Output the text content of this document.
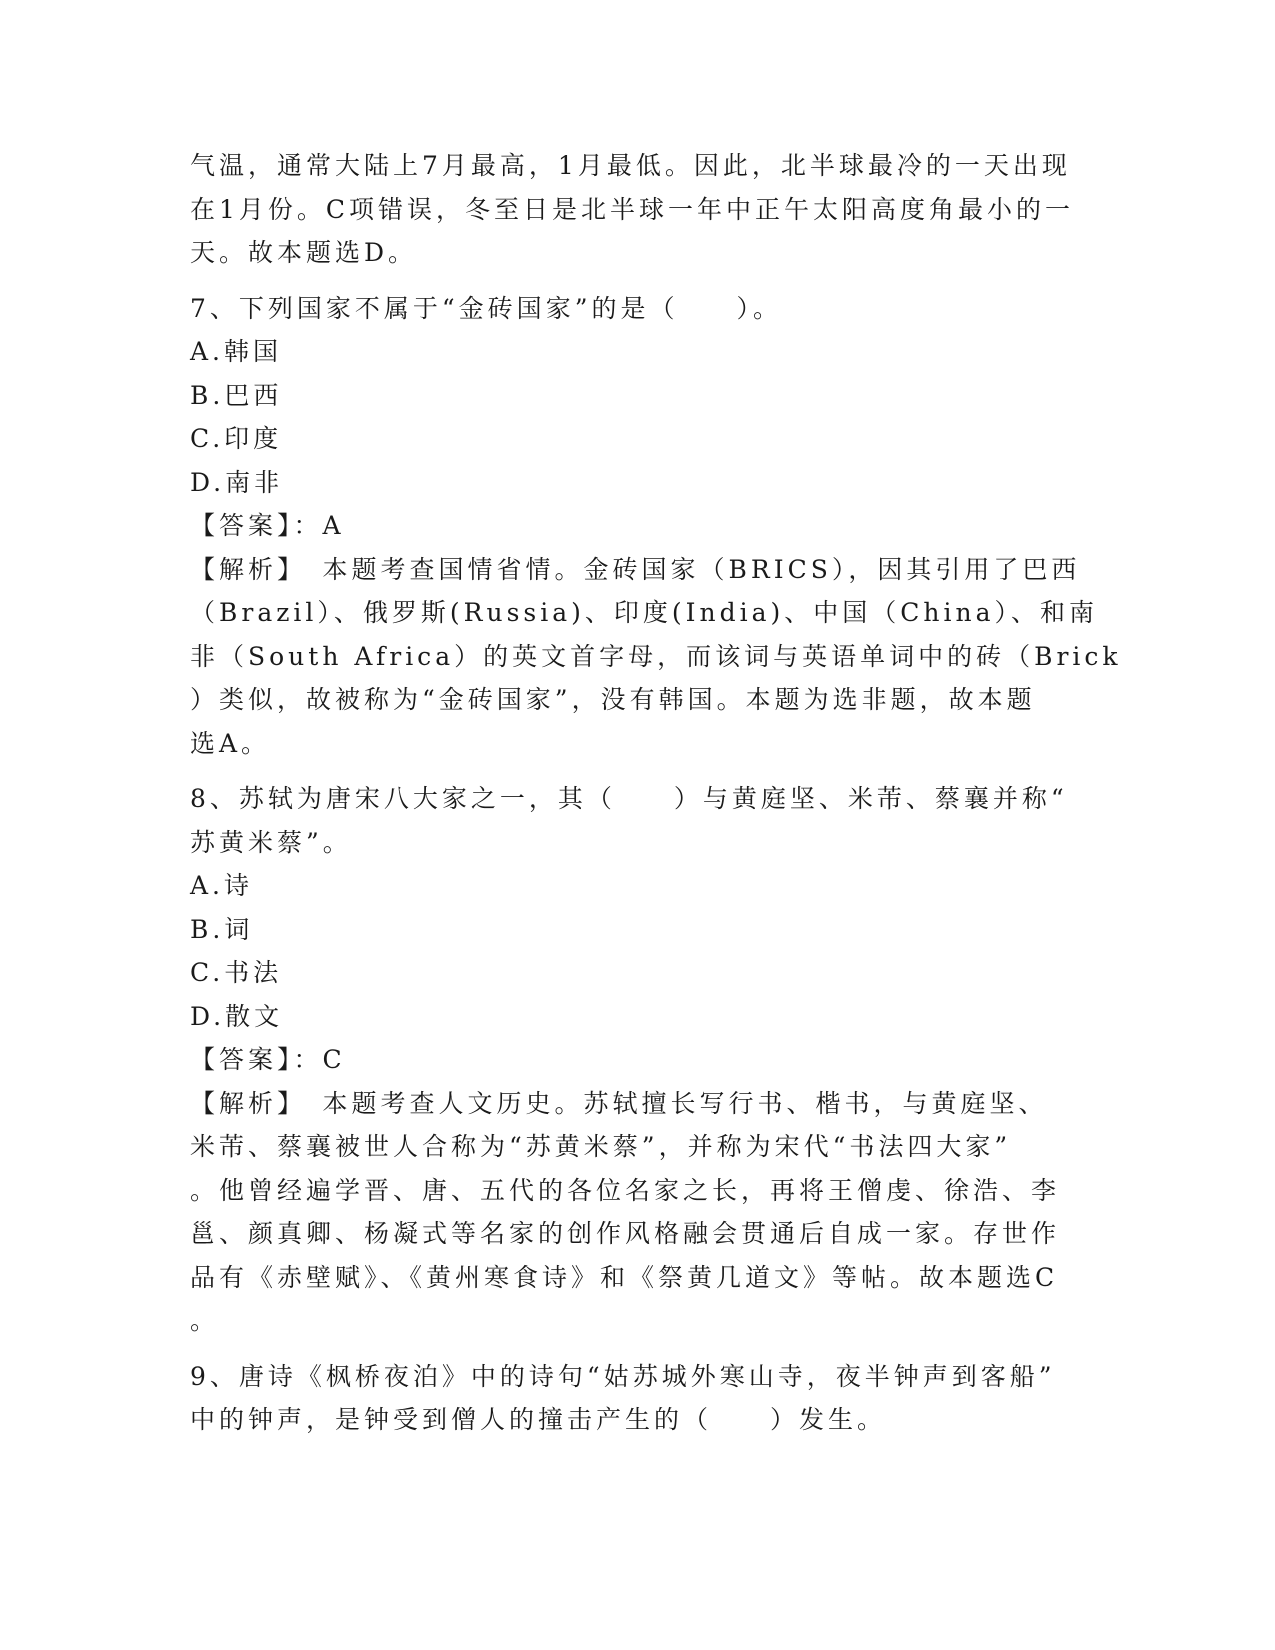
气温，通常大陆上7月最高，1月最低。因此，北半球最冷的一天出现
在1月份。C项错误，冬至日是北半球一年中正午太阳高度角最小的一
天。故本题选D。
7、下列国家不属于“金砖国家”的是（　　）。
A.韩国
B.巴西
C.印度
D.南非
【答案】：A
【解析】　本题考查国情省情。金砖国家（BRICS），因其引用了巴西
（Brazil）、俄罗斯(Russia)、印度(India)、中国（China）、和南
非（South Africa）的英文首字母，而该词与英语单词中的砖（Brick
）类似，故被称为“金砖国家”，没有韩国。本题为选非题，故本题
选A。
8、苏轼为唐宋八大家之一，其（　　）与黄庭坚、米芾、蔡襄并称“
苏黄米蔡”。
A.诗
B.词
C.书法
D.散文
【答案】：C
【解析】　本题考查人文历史。苏轼擅长写行书、楷书，与黄庭坚、
米芾、蔡襄被世人合称为“苏黄米蔡”，并称为宋代“书法四大家”
。他曾经遍学晋、唐、五代的各位名家之长，再将王僧虔、徐浩、李
邕、颜真卿、杨凝式等名家的创作风格融会贯通后自成一家。存世作
品有《赤壁赋》、《黄州寒食诗》和《祭黄几道文》等帖。故本题选C
。
9、唐诗《枫桥夜泊》中的诗句“姑苏城外寒山寺，夜半钟声到客船”
中的钟声，是钟受到僧人的撞击产生的（　　）发生。
